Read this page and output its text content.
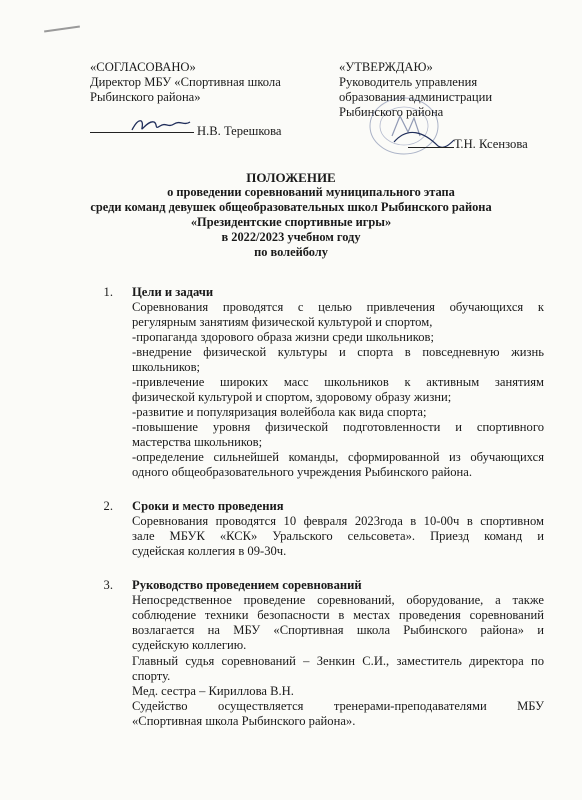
«СОГЛАСОВАНО»
Директор МБУ «Спортивная школа
Рыбинского района»
Н.В. Терешкова
«УТВЕРЖДАЮ»
Руководитель управления
образования администрации
Рыбинского района
Т.Н. Ксензова
ПОЛОЖЕНИЕ
о проведении соревнований муниципального этапа
среди команд девушек общеобразовательных школ Рыбинского района
«Президентские спортивные игры»
в 2022/2023 учебном году
по волейболу
1. Цели и задачи
Соревнования проводятся с целью привлечения обучающихся к
регулярным занятиям физической культурой и спортом,
-пропаганда здорового образа жизни среди школьников;
-внедрение физической культуры и спорта в повседневную жизнь
школьников;
-привлечение широких масс школьников к активным занятиям
физической культурой и спортом, здоровому образу жизни;
-развитие и популяризация волейбола как вида спорта;
-повышение уровня физической подготовленности и спортивного
мастерства школьников;
-определение сильнейшей команды, сформированной из обучающихся
одного общеобразовательного учреждения Рыбинского района.
2. Сроки и место проведения
Соревнования проводятся 10 февраля 2023года в 10-00ч в спортивном
зале МБУК «КСК» Уральского сельсовета». Приезд команд и
судейская коллегия в 09-30ч.
3. Руководство проведением соревнований
Непосредственное проведение соревнований, оборудование, а также
соблюдение техники безопасности в местах проведения соревнований
возлагается на МБУ «Спортивная школа Рыбинского района» и
судейскую коллегию.
Главный судья соревнований – Зенкин С.И., заместитель директора по
спорту.
Мед. сестра – Кириллова В.Н.
Судейство осуществляется тренерами-преподавателями МБУ
«Спортивная школа Рыбинского района».
